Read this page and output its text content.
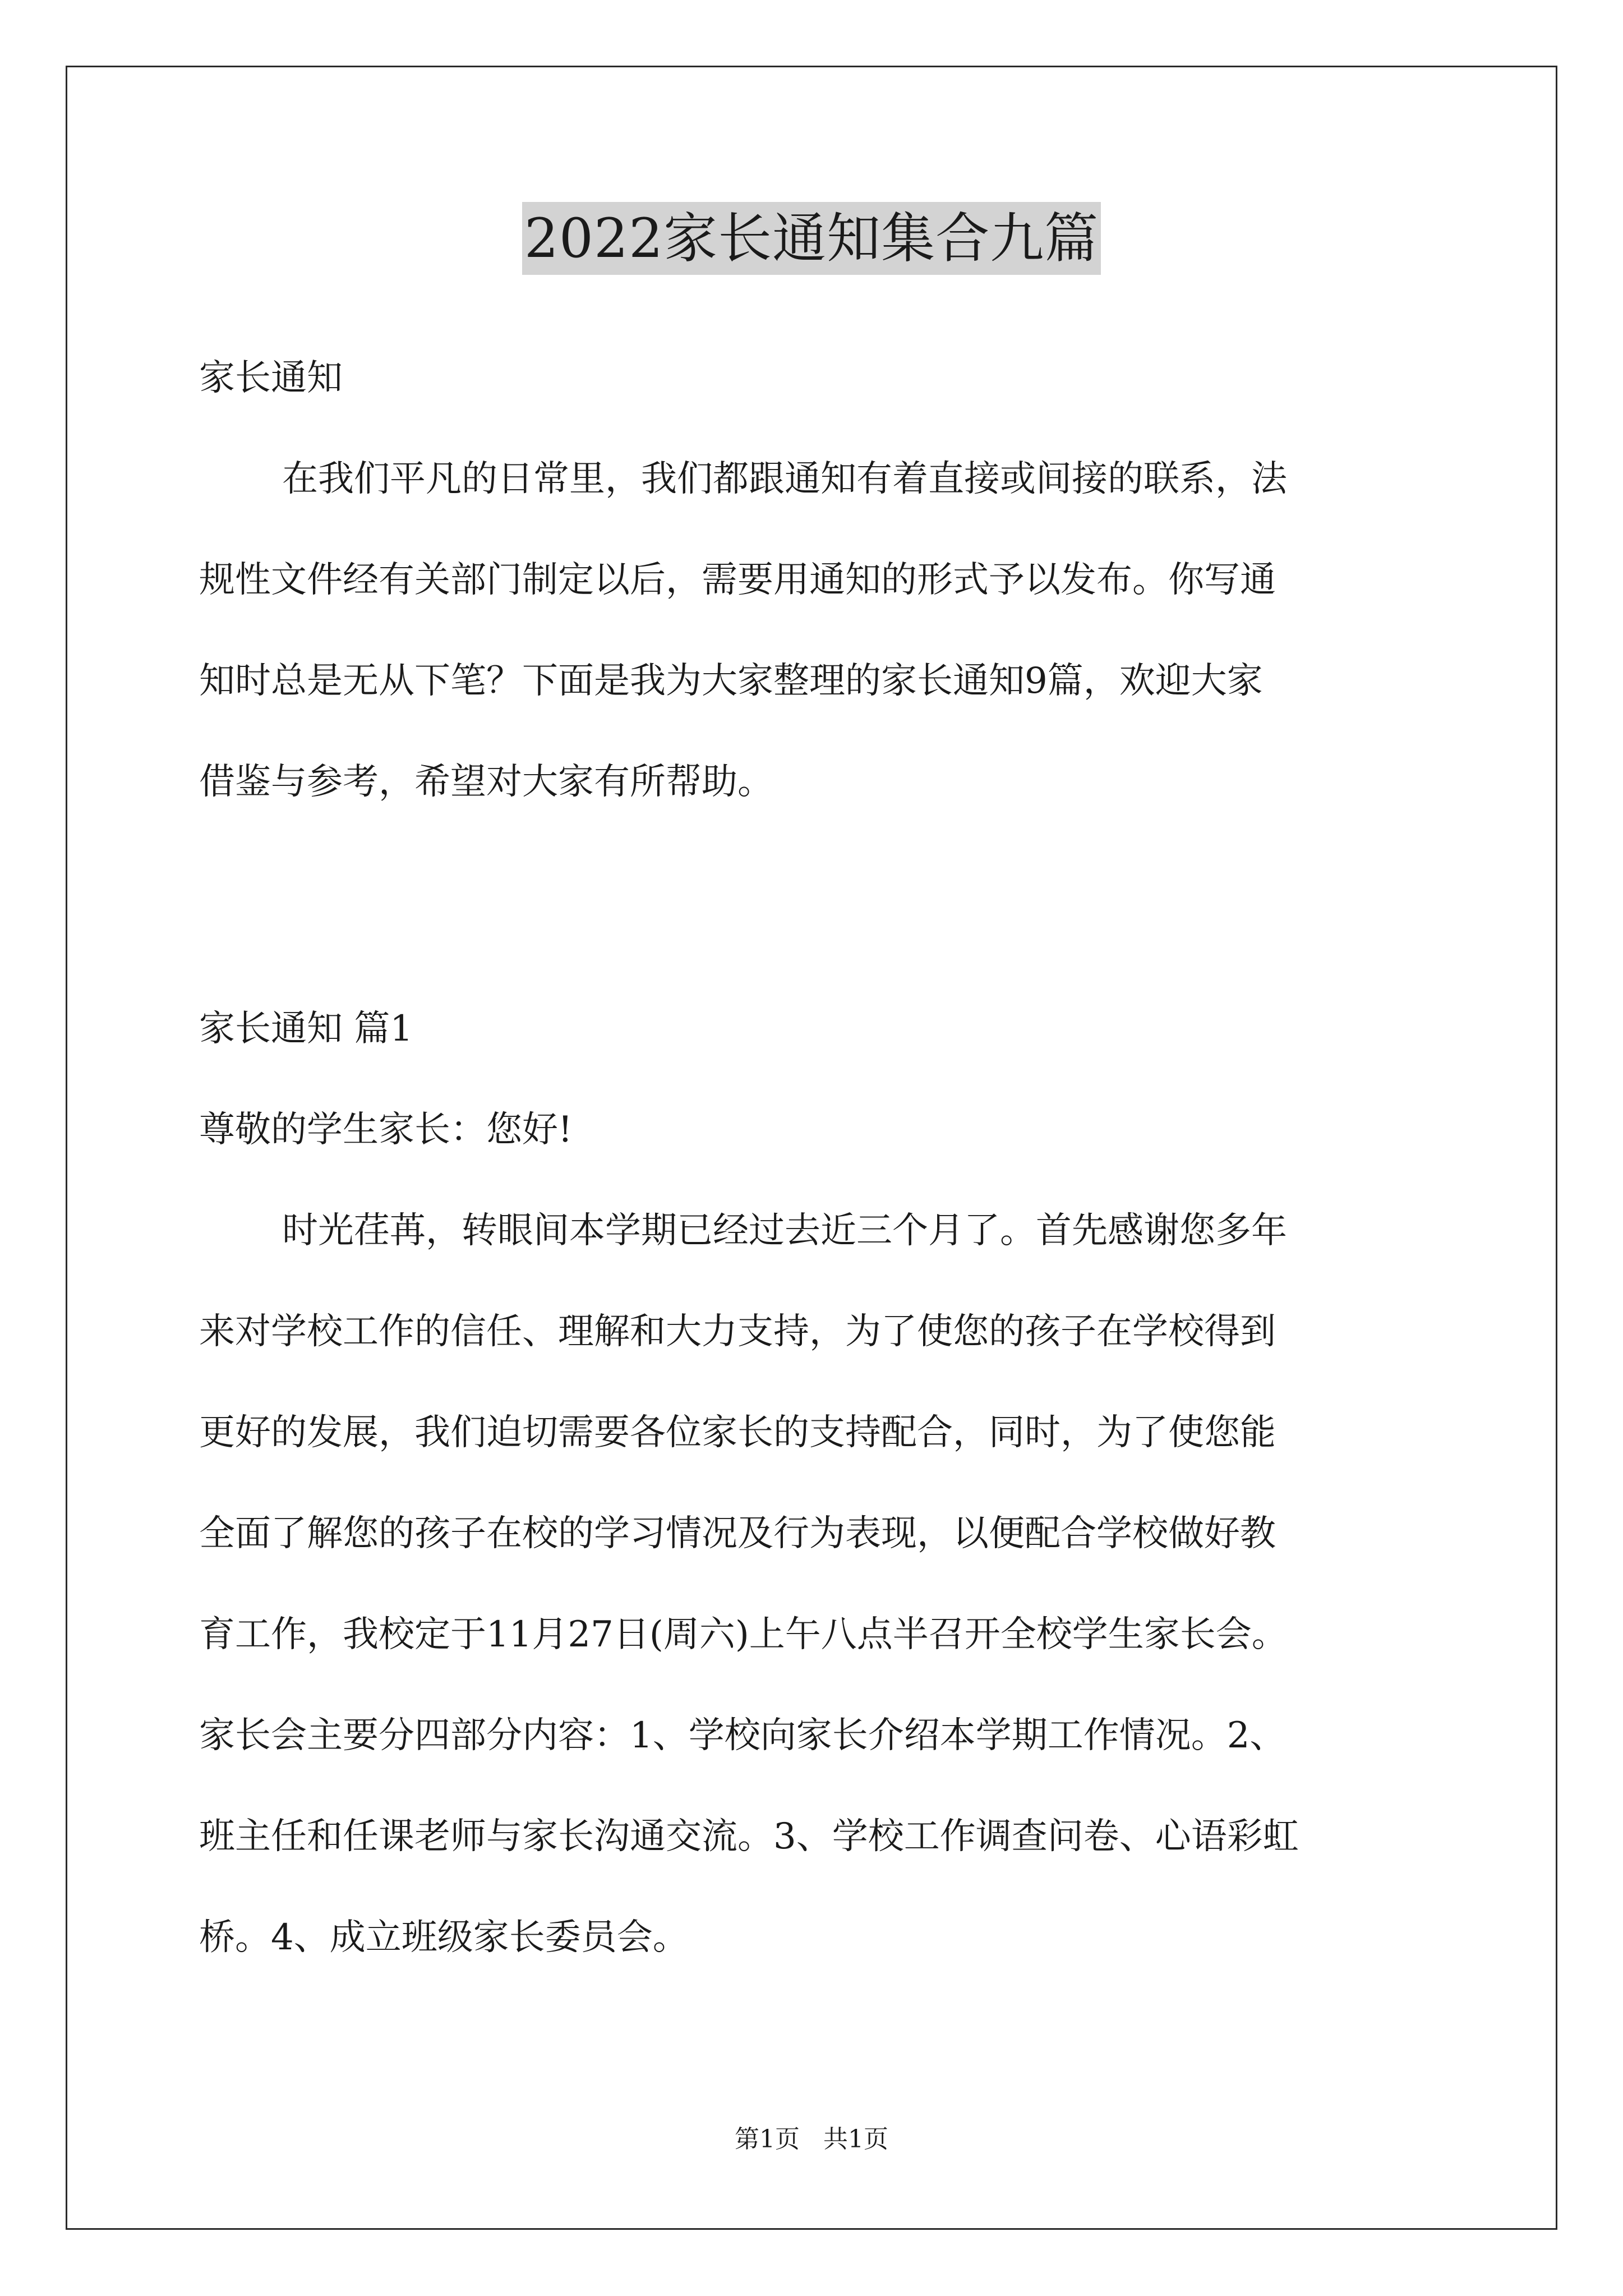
2022家长通知集合九篇
家长通知
在我们平凡的日常里，我们都跟通知有着直接或间接的联系，法
规性文件经有关部门制定以后，需要用通知的形式予以发布。你写通
知时总是无从下笔？下面是我为大家整理的家长通知9篇，欢迎大家
借鉴与参考，希望对大家有所帮助。
家长通知 篇1
尊敬的学生家长：您好!
时光荏苒，转眼间本学期已经过去近三个月了。首先感谢您多年
来对学校工作的信任、理解和大力支持，为了使您的孩子在学校得到
更好的发展，我们迫切需要各位家长的支持配合，同时，为了使您能
全面了解您的孩子在校的学习情况及行为表现，以便配合学校做好教
育工作，我校定于11月27日(周六)上午八点半召开全校学生家长会。
家长会主要分四部分内容：1、学校向家长介绍本学期工作情况。2、
班主任和任课老师与家长沟通交流。3、学校工作调查问卷、心语彩虹
桥。4、成立班级家长委员会。
第1页   共1页
